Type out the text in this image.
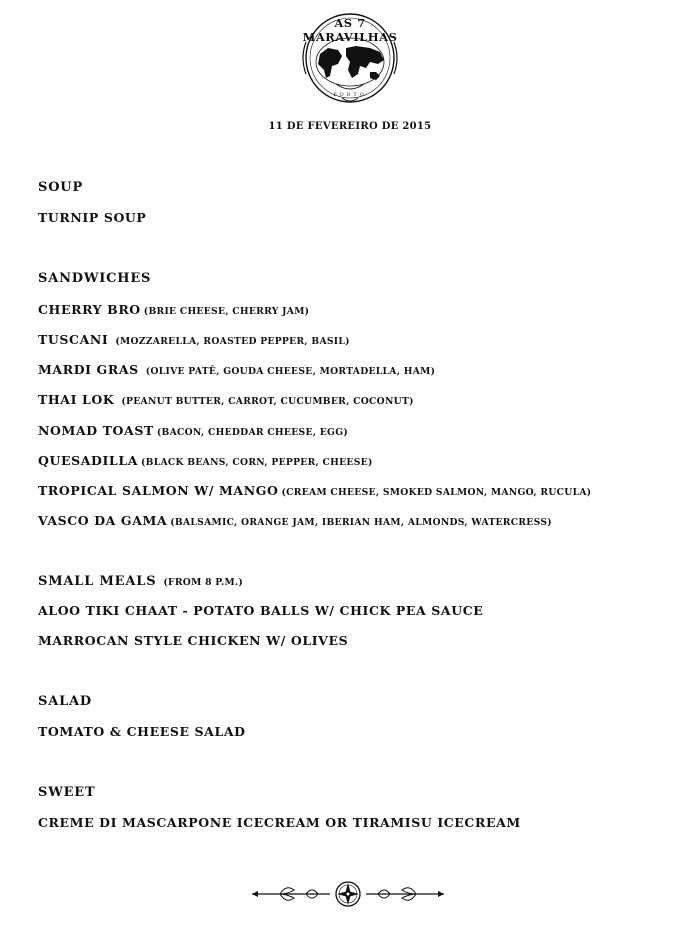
AS 7 MARAVILHAS
PORTO
11 DE FEVEREIRO DE 2015
SOUP
TURNIP SOUP
SANDWICHES
CHERRY BRO (BRIE CHEESE, CHERRY JAM)
TUSCANI (MOZZARELLA, ROASTED PEPPER, BASIL)
MARDI GRAS (OLIVE PATÊ, GOUDA CHEESE, MORTADELLA, HAM)
THAI LOK (PEANUT BUTTER, CARROT, CUCUMBER, COCONUT)
NOMAD TOAST (BACON, CHEDDAR CHEESE, EGG)
QUESADILLA (BLACK BEANS, CORN, PEPPER, CHEESE)
TROPICAL SALMON W/ MANGO (CREAM CHEESE, SMOKED SALMON, MANGO, RUCULA)
VASCO DA GAMA (BALSAMIC, ORANGE JAM, IBERIAN HAM, ALMONDS, WATERCRESS)
SMALL MEALS (FROM 8 P.M.)
ALOO TIKI CHAAT - POTATO BALLS W/ CHICK PEA SAUCE
MARROCAN STYLE CHICKEN W/ OLIVES
SALAD
TOMATO & CHEESE SALAD
SWEET
CREME DI MASCARPONE ICECREAM OR TIRAMISU ICECREAM
